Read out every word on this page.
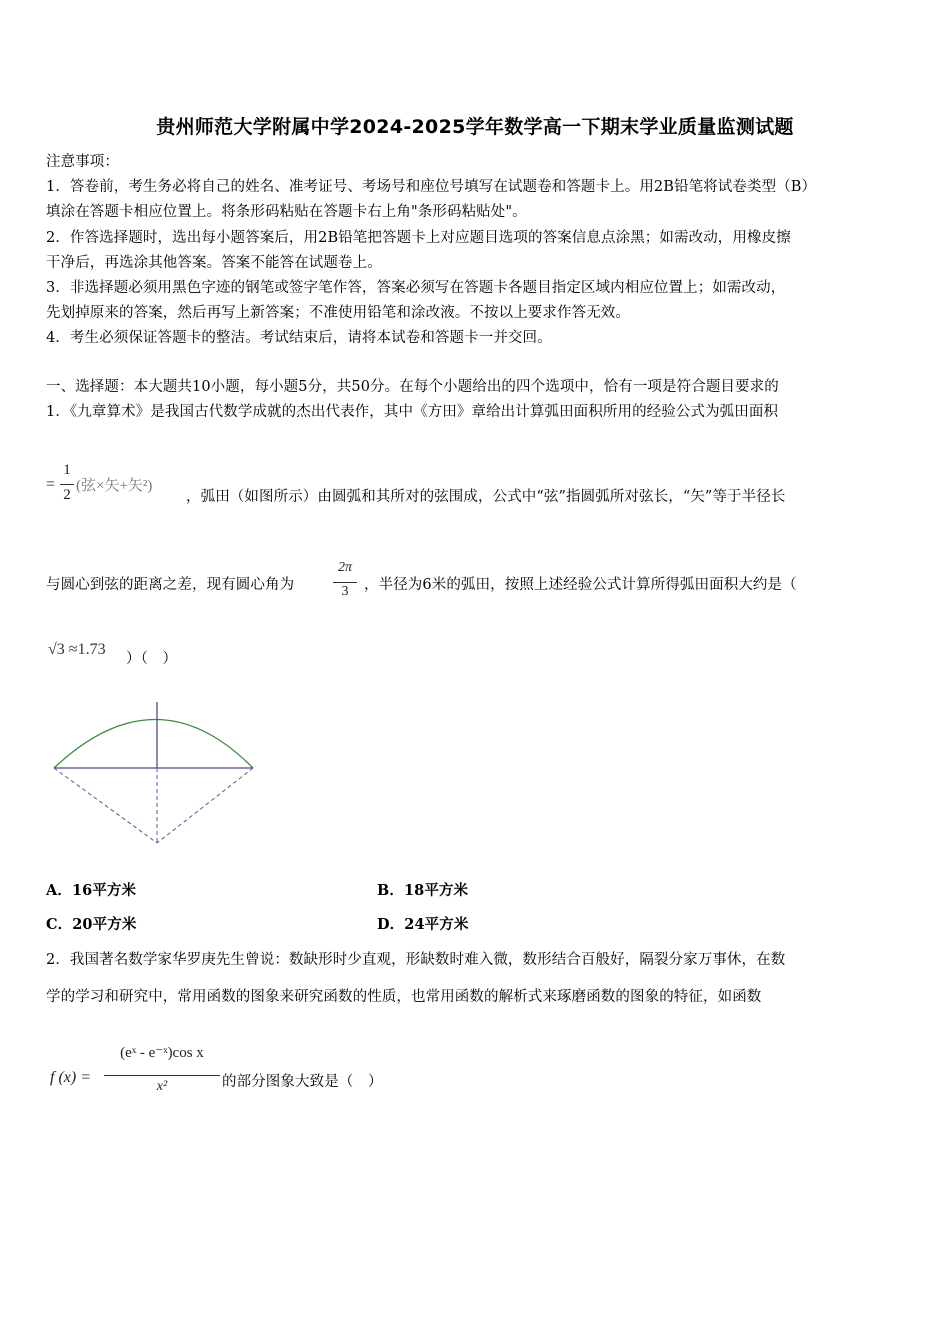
贵州师范大学附属中学2024-2025学年数学高一下期末学业质量监测试题
注意事项：
1．答卷前，考生务必将自己的姓名、准考证号、考场号和座位号填写在试题卷和答题卡上。用2B铅笔将试卷类型（B）
填涂在答题卡相应位置上。将条形码粘贴在答题卡右上角"条形码粘贴处"。
2．作答选择题时，选出每小题答案后，用2B铅笔把答题卡上对应题目选项的答案信息点涂黑；如需改动，用橡皮擦
干净后，再选涂其他答案。答案不能答在试题卷上。
3．非选择题必须用黑色字迹的钢笔或签字笔作答，答案必须写在答题卡各题目指定区域内相应位置上；如需改动，
先划掉原来的答案，然后再写上新答案；不准使用铅笔和涂改液。不按以上要求作答无效。
4．考生必须保证答题卡的整洁。考试结束后，请将本试卷和答题卡一并交回。
一、选择题：本大题共10小题，每小题5分，共50分。在每个小题给出的四个选项中，恰有一项是符合题目要求的
1．《九章算术》是我国古代数学成就的杰出代表作，其中《方田》章给出计算弧田面积所用的经验公式为弧田面积
=
1
2
(弦×矢+矢²)
，弧田（如图所示）由圆弧和其所对的弦围成，公式中“弦”指圆弧所对弦长，“矢”等于半径长
与圆心到弦的距离之差，现有圆心角为
2π
3	，半径为6米的弧田，按照上述经验公式计算所得弧田面积大约是（
√3 ≈1.73
）（　）
A．16平方米	B．18平方米
C．20平方米	D．24平方米
2．我国著名数学家华罗庚先生曾说：数缺形时少直观，形缺数时难入微，数形结合百般好，隔裂分家万事休，在数
学的学习和研究中，常用函数的图象来研究函数的性质，也常用函数的解析式来琢磨函数的图象的特征，如函数
f (x) =
(eˣ - e⁻ˣ)cos x
x²	的部分图象大致是（　）
